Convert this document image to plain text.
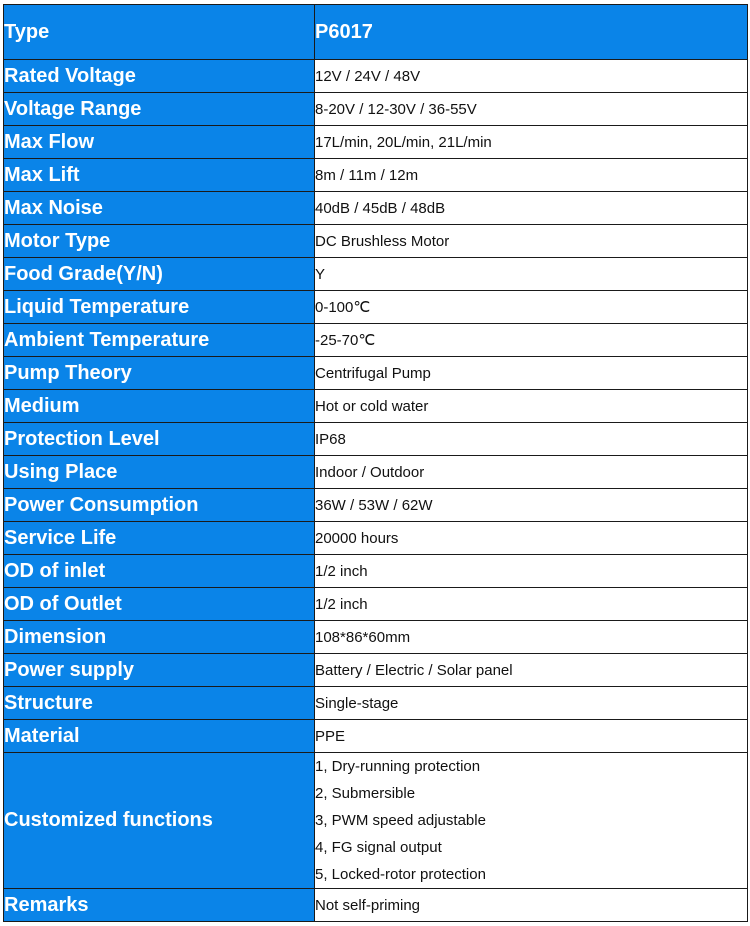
Type	P6017
Rated Voltage	12V / 24V / 48V
Voltage Range	8-20V / 12-30V / 36-55V
Max Flow	17L/min, 20L/min, 21L/min
Max Lift	8m / 11m / 12m
Max Noise	40dB / 45dB / 48dB
Motor Type	DC Brushless Motor
Food Grade(Y/N)	Y
Liquid Temperature	0-100℃
Ambient Temperature	-25-70℃
Pump Theory	Centrifugal Pump
Medium	Hot or cold water
Protection Level	IP68
Using Place	Indoor / Outdoor
Power Consumption	36W / 53W / 62W
Service Life	20000 hours
OD of inlet	1/2 inch
OD of Outlet	1/2 inch
Dimension	108*86*60mm
Power supply	Battery / Electric / Solar panel
Structure	Single-stage
Material	PPE
Customized functions	1, Dry-running protection
2, Submersible
3, PWM speed adjustable
4, FG signal output
5, Locked-rotor protection

Remarks	Not self-priming
